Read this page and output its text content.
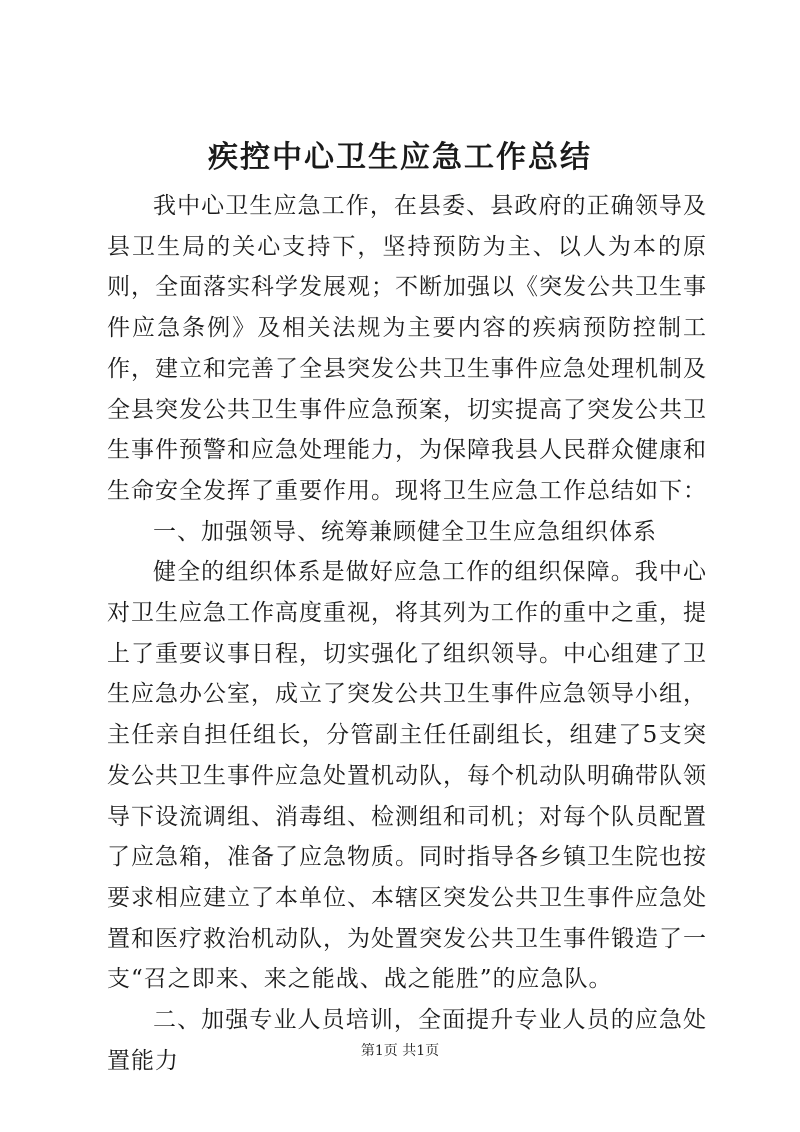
疾控中心卫生应急工作总结

我中心卫生应急工作，在县委、县政府的正确领导及县卫生局的关心支持下，坚持预防为主、以人为本的原则，全面落实科学发展观；不断加强以《突发公共卫生事件应急条例》及相关法规为主要内容的疾病预防控制工作，建立和完善了全县突发公共卫生事件应急处理机制及全县突发公共卫生事件应急预案，切实提高了突发公共卫生事件预警和应急处理能力，为保障我县人民群众健康和生命安全发挥了重要作用。现将卫生应急工作总结如下：

一、加强领导、统筹兼顾健全卫生应急组织体系

健全的组织体系是做好应急工作的组织保障。我中心对卫生应急工作高度重视，将其列为工作的重中之重，提上了重要议事日程，切实强化了组织领导。中心组建了卫生应急办公室，成立了突发公共卫生事件应急领导小组，主任亲自担任组长，分管副主任任副组长，组建了5支突发公共卫生事件应急处置机动队，每个机动队明确带队领导下设流调组、消毒组、检测组和司机；对每个队员配置了应急箱，准备了应急物质。同时指导各乡镇卫生院也按要求相应建立了本单位、本辖区突发公共卫生事件应急处置和医疗救治机动队，为处置突发公共卫生事件锻造了一支“召之即来、来之能战、战之能胜”的应急队。

二、加强专业人员培训，全面提升专业人员的应急处置能力	第1页 共1页
